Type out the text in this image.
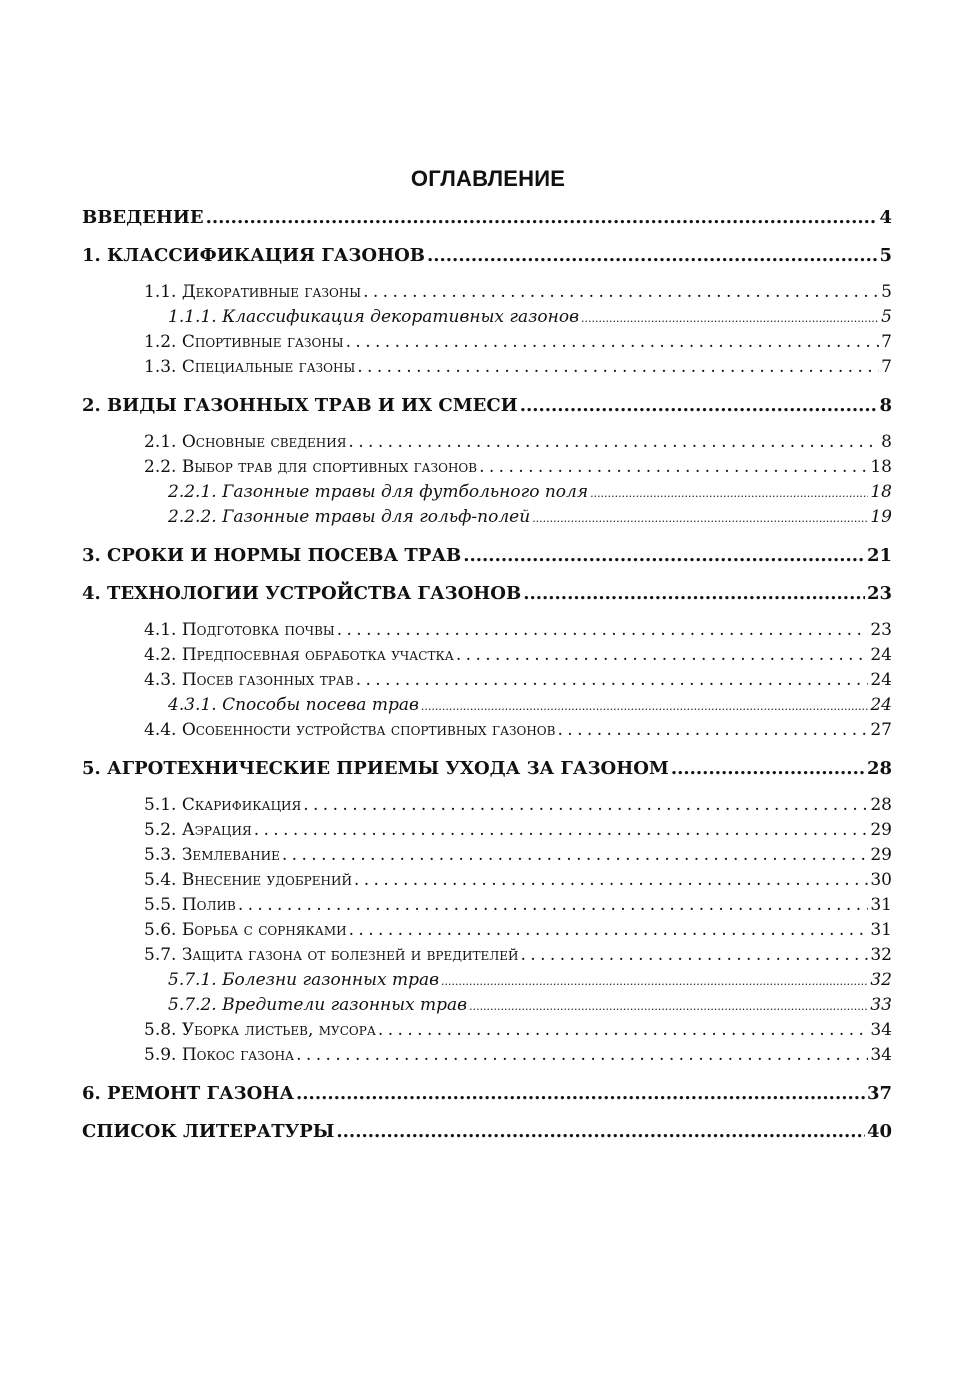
ОГЛАВЛЕНИЕ
ВВЕДЕНИЕ .....	4
1. КЛАССИФИКАЦИЯ ГАЗОНОВ .....	5
1.1. Декоративные газоны . . .	5
1.1.1. Классификация декоративных газонов .....	5
1.2. Спортивные газоны . . .	7
1.3. Специальные газоны . . .	7
2. ВИДЫ ГАЗОННЫХ ТРАВ И ИХ СМЕСИ .....	8
2.1. Основные сведения . . .	8
2.2. Выбор трав для спортивных газонов . . .	18
2.2.1. Газонные травы для футбольного поля .....	18
2.2.2. Газонные травы для гольф-полей .....	19
3. СРОКИ И НОРМЫ ПОСЕВА ТРАВ .....	21
4. ТЕХНОЛОГИИ УСТРОЙСТВА ГАЗОНОВ .....	23
4.1. Подготовка почвы . . .	23
4.2. Предпосевная обработка участка . . .	24
4.3. Посев газонных трав . . .	24
4.3.1. Способы посева трав .....	24
4.4. Особенности устройства спортивных газонов . . .	27
5. АГРОТЕХНИЧЕСКИЕ ПРИЕМЫ УХОДА ЗА ГАЗОНОМ .....	28
5.1. Скарификация . . .	28
5.2. Аэрация . . .	29
5.3. Землевание . . .	29
5.4. Внесение удобрений . . .	30
5.5. Полив . . .	31
5.6. Борьба с сорняками . . .	31
5.7. Защита газона от болезней и вредителей . . .	32
5.7.1. Болезни газонных трав .....	32
5.7.2. Вредители газонных трав .....	33
5.8. Уборка листьев, мусора . . .	34
5.9. Покос газона . . .	34
6. РЕМОНТ ГАЗОНА .....	37
СПИСОК ЛИТЕРАТУРЫ .....	40
